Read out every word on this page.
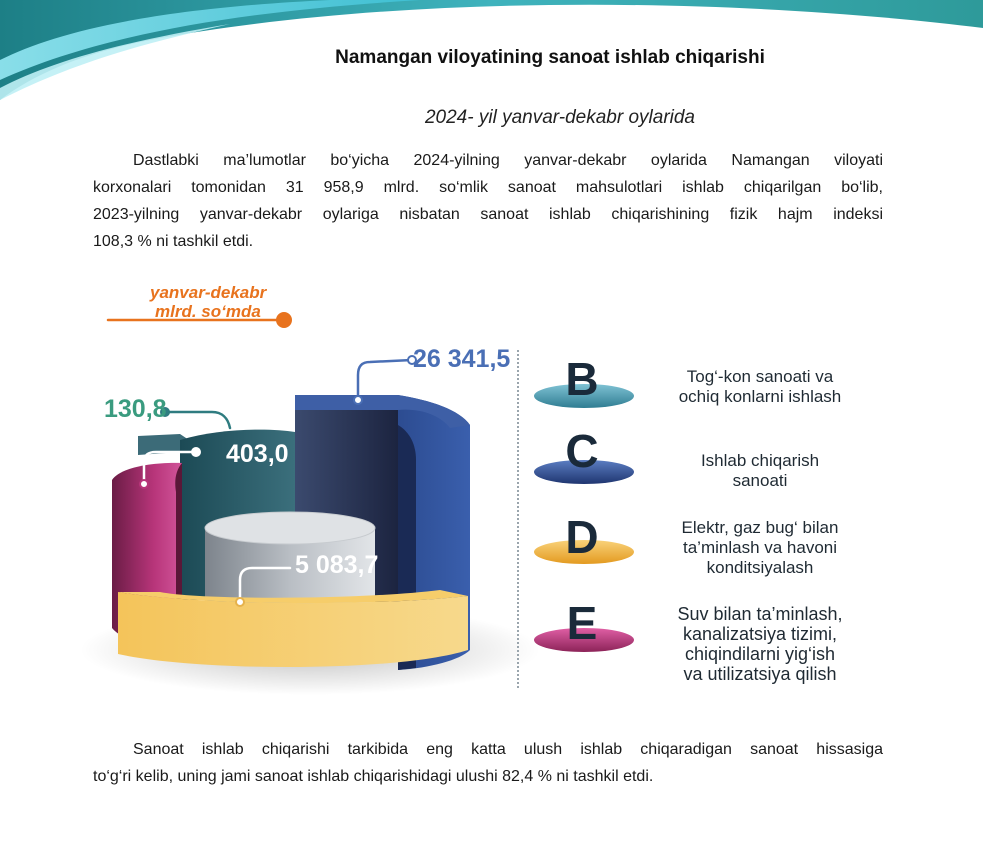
Namangan viloyatining sanoat ishlab chiqarishi
2024- yil yanvar-dekabr oylarida
Dastlabki ma’lumotlar bo‘yicha 2024-yilning yanvar-dekabr oylarida Namangan viloyati
korxonalari tomonidan 31 958,9 mlrd. so‘mlik sanoat mahsulotlari ishlab chiqarilgan bo‘lib,
2023-yilning yanvar-dekabr oylariga nisbatan sanoat ishlab chiqarishining fizik hajm indeksi
108,3 % ni tashkil etdi.
yanvar-dekabr
mlrd. so‘mda
26 341,5
130,8
403,0
5 083,7
B
C
D
E
Tog‘-kon sanoati va
ochiq konlarni ishlash
Ishlab chiqarish
sanoati
Elektr, gaz bug‘ bilan
ta’minlash va havoni
konditsiyalash
Suv bilan ta’minlash,
kanalizatsiya tizimi,
chiqindilarni yig‘ish
va utilizatsiya qilish
Sanoat ishlab chiqarishi tarkibida eng katta ulush ishlab chiqaradigan sanoat hissasiga
to‘g‘ri kelib, uning jami sanoat ishlab chiqarishidagi ulushi 82,4 % ni tashkil etdi.
